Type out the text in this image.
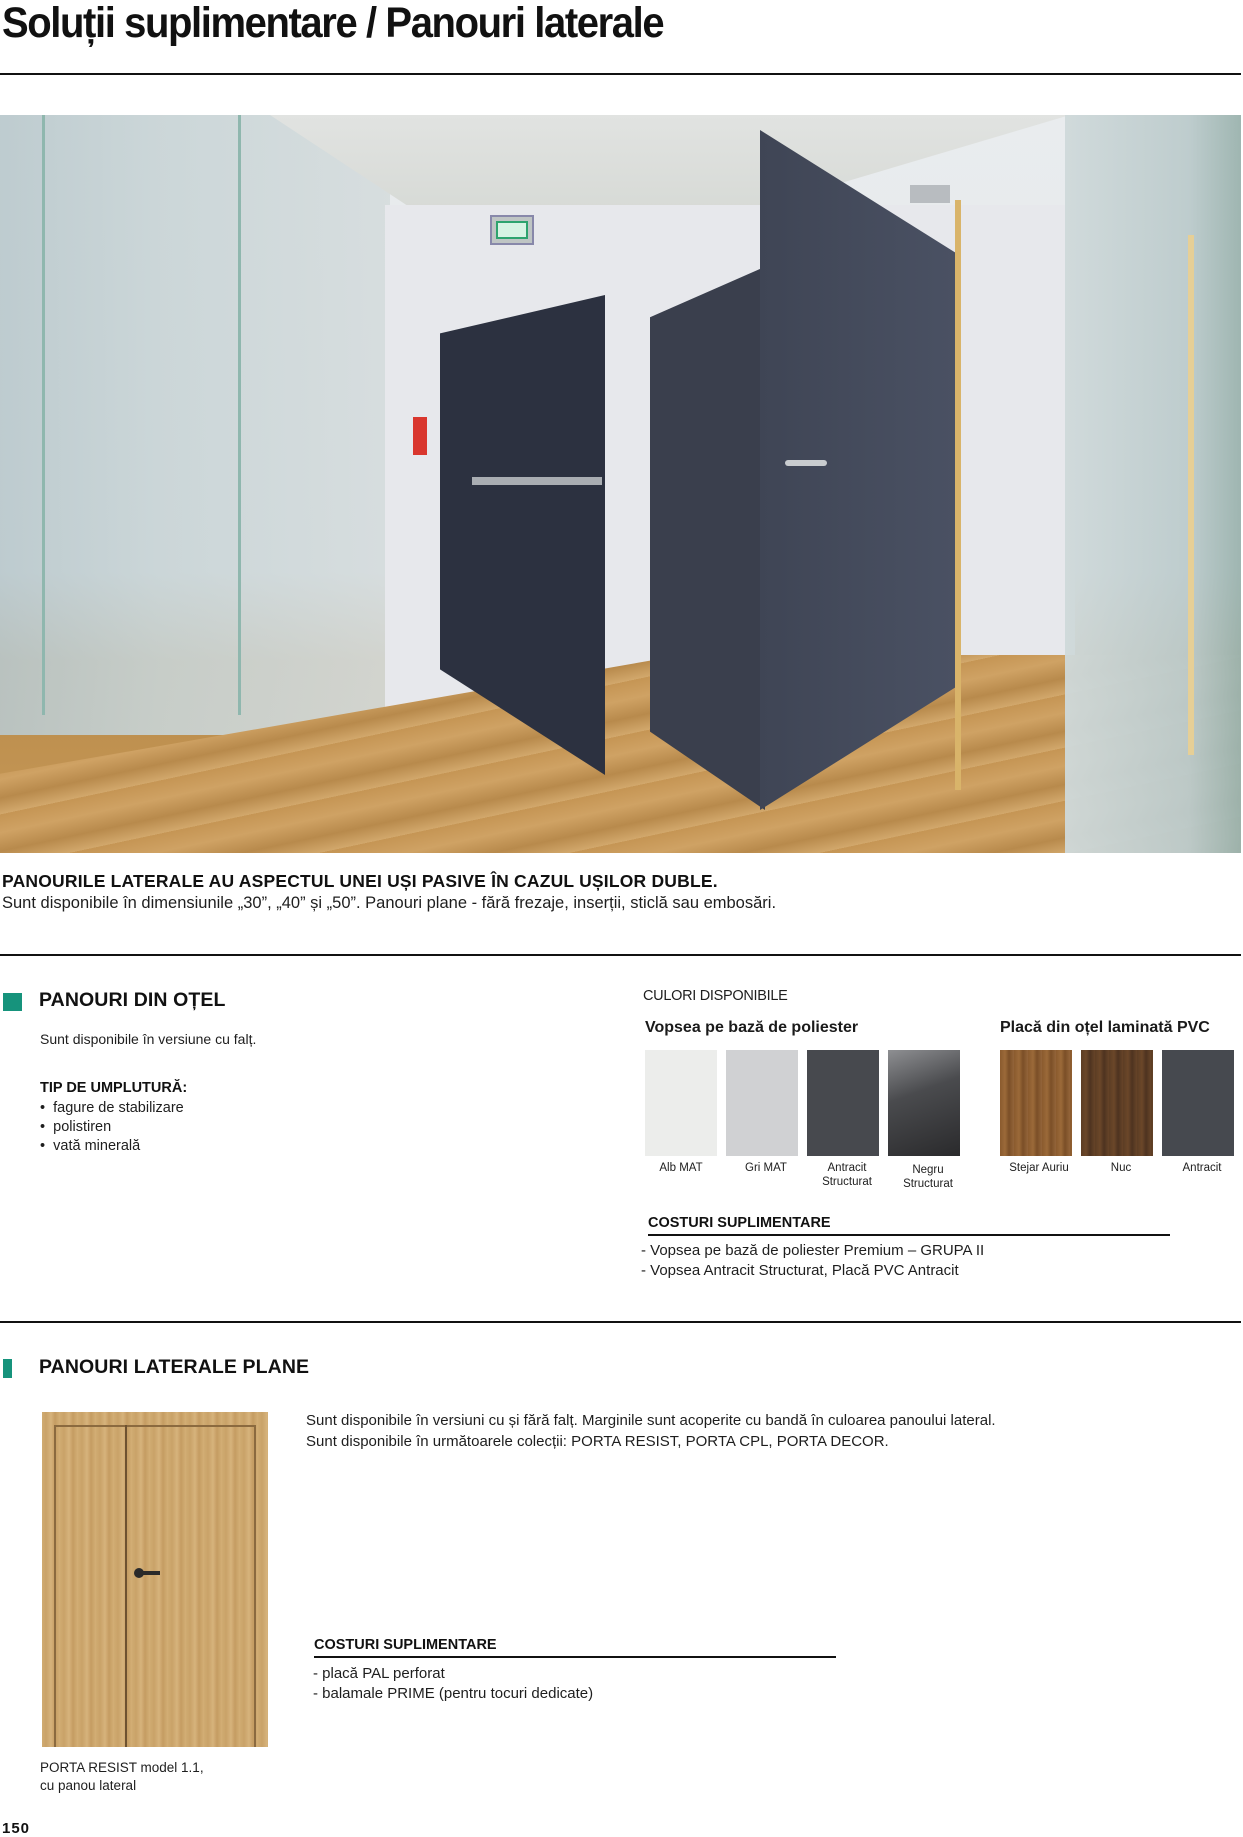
Soluții suplimentare / Panouri laterale
PANOURILE LATERALE AU ASPECTUL UNEI UȘI PASIVE ÎN CAZUL UȘILOR DUBLE.
Sunt disponibile în dimensiunile „30”, „40” și „50”. Panouri plane - fără frezaje, inserții, sticlă sau embosări.
PANOURI DIN OȚEL
Sunt disponibile în versiune cu falț.
TIP DE UMPLUTURĂ:
•  fagure de stabilizare
•  polistiren
•  vată minerală
CULORI DISPONIBILE
Vopsea pe bază de poliester	Placă din oțel laminată PVC
Alb MAT	Gri MAT	Antracit
Structurat
Negru
Structurat
Stejar Auriu	Nuc	Antracit
COSTURI SUPLIMENTARE
- Vopsea pe bază de poliester Premium – GRUPA II
- Vopsea Antracit Structurat, Placă PVC Antracit
PANOURI LATERALE PLANE
Sunt disponibile în versiuni cu și fără falț. Marginile sunt acoperite cu bandă în culoarea panoului lateral.
Sunt disponibile în următoarele colecții: PORTA RESIST, PORTA CPL, PORTA DECOR.
COSTURI SUPLIMENTARE
- placă PAL perforat
- balamale PRIME (pentru tocuri dedicate)
PORTA RESIST model 1.1,
cu panou lateral
150
